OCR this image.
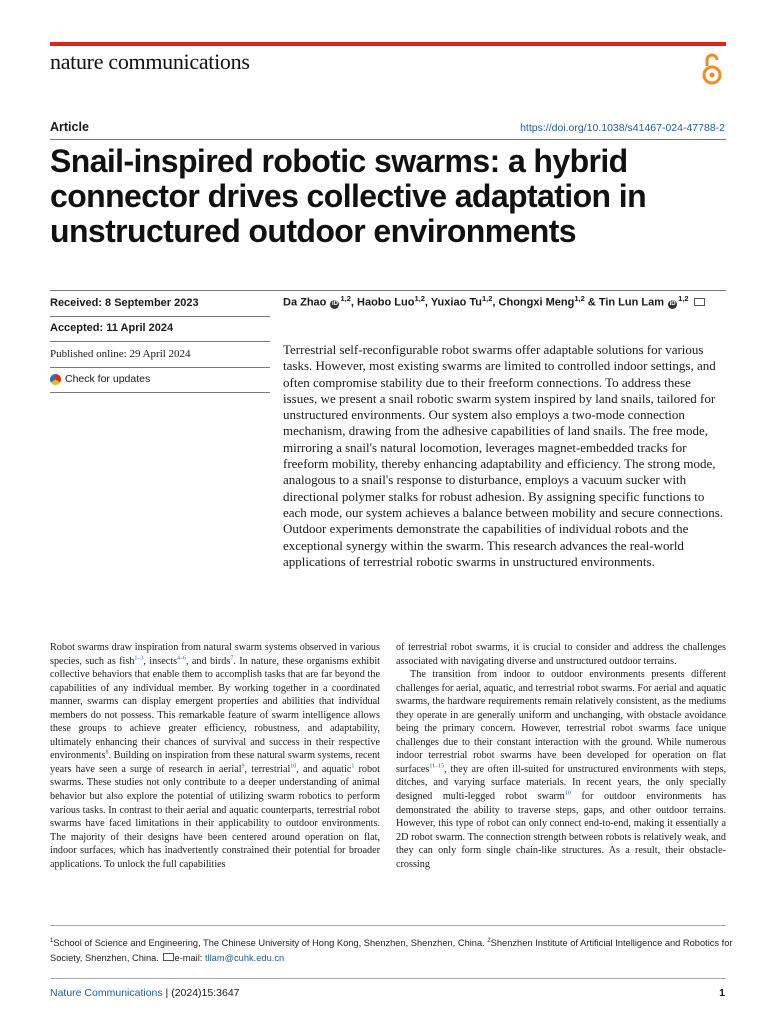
nature communications
Article	https://doi.org/10.1038/s41467-024-47788-2
Snail-inspired robotic swarms: a hybrid connector drives collective adaptation in unstructured outdoor environments
Received: 8 September 2023
Accepted: 11 April 2024
Published online: 29 April 2024
Check for updates
Da Zhao iD$^{1,2}$, Haobo Luo$^{1,2}$, Yuxiao Tu$^{1,2}$, Chongxi Meng$^{1,2}$ & Tin Lun Lam iD$^{1,2}$
Terrestrial self-reconfigurable robot swarms offer adaptable solutions for various tasks. However, most existing swarms are limited to controlled indoor settings, and often compromise stability due to their freeform connections. To address these issues, we present a snail robotic swarm system inspired by land snails, tailored for unstructured environments. Our system also employs a two-mode connection mechanism, drawing from the adhesive capabilities of land snails. The free mode, mirroring a snail's natural locomotion, leverages magnet-embedded tracks for freeform mobility, thereby enhancing adaptability and efficiency. The strong mode, analogous to a snail's response to disturbance, employs a vacuum sucker with directional polymer stalks for robust adhesion. By assigning specific functions to each mode, our system achieves a balance between mobility and secure connections. Outdoor experiments demonstrate the capabilities of individual robots and the exceptional synergy within the swarm. This research advances the real-world applications of terrestrial robotic swarms in unstructured environments.

Robot swarms draw inspiration from natural swarm systems observed in various species, such as fish$^{1-3}$, insects$^{4-6}$, and birds$^7$. In nature, these organisms exhibit collective behaviors that enable them to accomplish tasks that are far beyond the capabilities of any individual member. By working together in a coordinated manner, swarms can display emergent properties and abilities that individual members do not possess. This remarkable feature of swarm intelligence allows these groups to achieve greater efficiency, robustness, and adaptability, ultimately enhancing their chances of survival and success in their respective environments$^8$. Building on inspiration from these natural swarm systems, recent years have seen a surge of research in aerial$^9$, terrestrial$^{10}$, and aquatic$^1$ robot swarms. These studies not only contribute to a deeper understanding of animal behavior but also explore the potential of utilizing swarm robotics to perform various tasks. In contrast to their aerial and aquatic counterparts, terrestrial robot swarms have faced limitations in their applicability to outdoor environments. The majority of their designs have been centered around operation on flat, indoor surfaces, which has inadvertently constrained their potential for broader applications. To unlock the full capabilities

of terrestrial robot swarms, it is crucial to consider and address the challenges associated with navigating diverse and unstructured outdoor terrains.

The transition from indoor to outdoor environments presents different challenges for aerial, aquatic, and terrestrial robot swarms. For aerial and aquatic swarms, the hardware requirements remain relatively consistent, as the mediums they operate in are generally uniform and unchanging, with obstacle avoidance being the primary concern. However, terrestrial robot swarms face unique challenges due to their constant interaction with the ground. While numerous indoor terrestrial robot swarms have been developed for operation on flat surfaces$^{11-15}$, they are often ill-suited for unstructured environments with steps, ditches, and varying surface materials. In recent years, the only specially designed multi-legged robot swarm$^{10}$ for outdoor environments has demonstrated the ability to traverse steps, gaps, and other outdoor terrains. However, this type of robot can only connect end-to-end, making it essentially a 2D robot swarm. The connection strength between robots is relatively weak, and they can only form single chain-like structures. As a result, their obstacle-crossing

$^1$School of Science and Engineering, The Chinese University of Hong Kong, Shenzhen, Shenzhen, China. $^2$Shenzhen Institute of Artificial Intelligence and Robotics for Society, Shenzhen, China. e-mail: tllam@cuhk.edu.cn
Nature Communications | (2024)15:3647	1
